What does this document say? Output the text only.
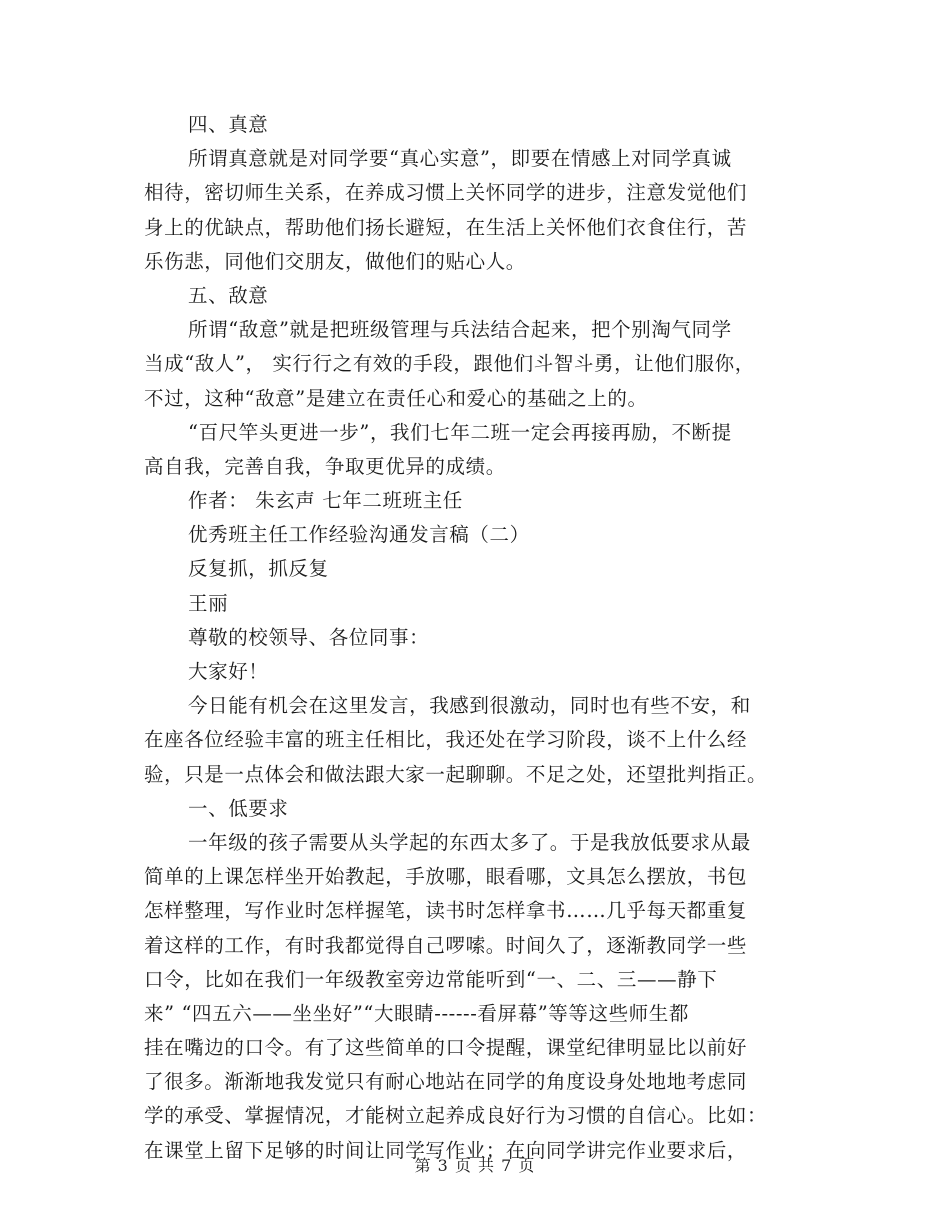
四、真意
所谓真意就是对同学要“真心实意”，即要在情感上对同学真诚
相待，密切师生关系，在养成习惯上关怀同学的进步，注意发觉他们
身上的优缺点，帮助他们扬长避短，在生活上关怀他们衣食住行，苦
乐伤悲，同他们交朋友，做他们的贴心人。
五、敌意
所谓“敌意”就是把班级管理与兵法结合起来，把个别淘气同学
当成“敌人”， 实行行之有效的手段，跟他们斗智斗勇，让他们服你，
不过，这种“敌意”是建立在责任心和爱心的基础之上的。
“百尺竿头更进一步”，我们七年二班一定会再接再励，不断提
高自我，完善自我，争取更优异的成绩。
作者： 朱玄声 七年二班班主任
优秀班主任工作经验沟通发言稿（二）
反复抓，抓反复
王丽
尊敬的校领导、各位同事：
大家好！
今日能有机会在这里发言，我感到很激动，同时也有些不安，和
在座各位经验丰富的班主任相比，我还处在学习阶段，谈不上什么经
验，只是一点体会和做法跟大家一起聊聊。不足之处，还望批判指正。
一、低要求
一年级的孩子需要从头学起的东西太多了。于是我放低要求从最
简单的上课怎样坐开始教起，手放哪，眼看哪，文具怎么摆放，书包
怎样整理，写作业时怎样握笔，读书时怎样拿书……几乎每天都重复
着这样的工作，有时我都觉得自己啰嗦。时间久了，逐渐教同学一些
口令，比如在我们一年级教室旁边常能听到“一、二、三——静下
来” “四五六——坐坐好”“大眼睛------看屏幕”等等这些师生都
挂在嘴边的口令。有了这些简单的口令提醒，课堂纪律明显比以前好
了很多。渐渐地我发觉只有耐心地站在同学的角度设身处地地考虑同
学的承受、掌握情况，才能树立起养成良好行为习惯的自信心。比如：
在课堂上留下足够的时间让同学写作业；在向同学讲完作业要求后，
第 3 页 共 7 页
